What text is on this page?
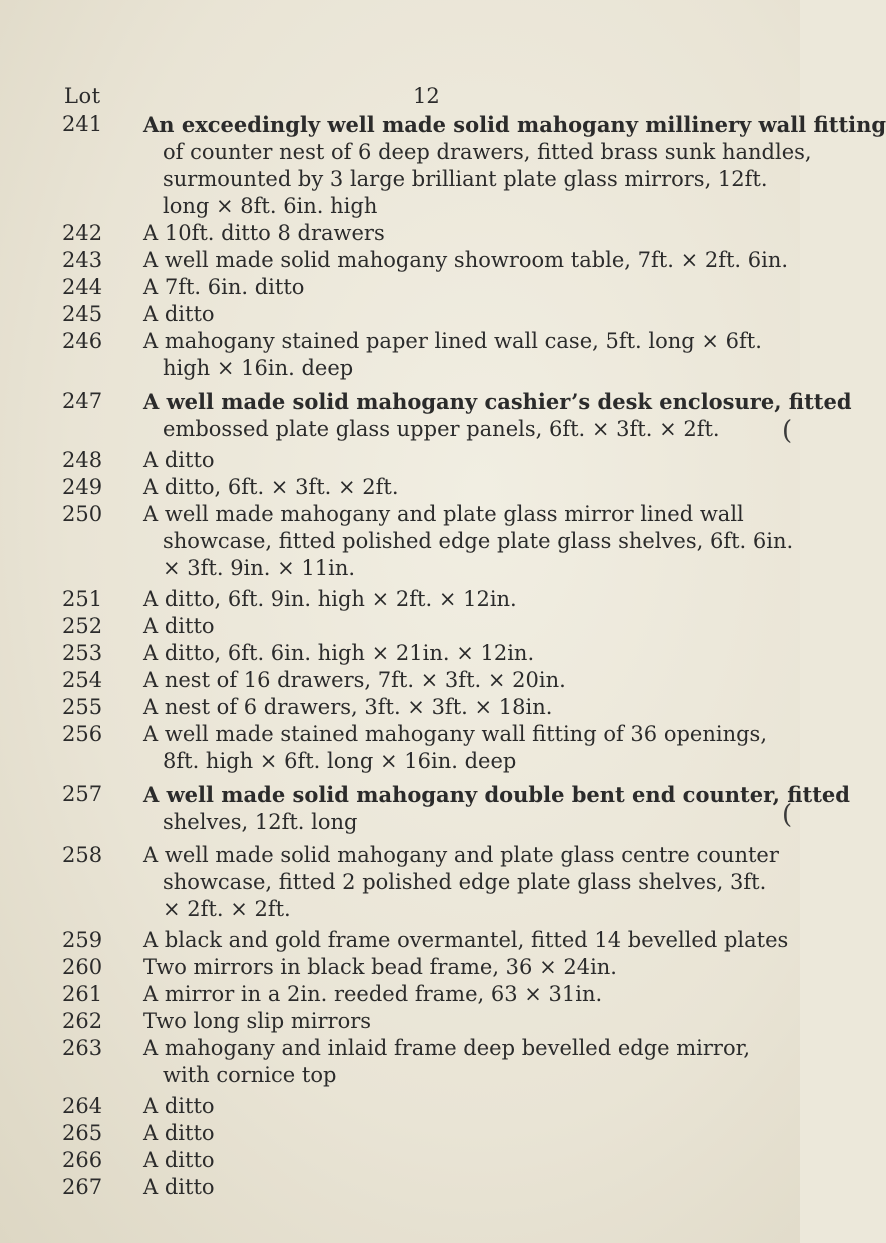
Lot	12
241	An exceedingly well made solid mahogany millinery wall fitting

of counter nest of 6 deep drawers, fitted brass sunk handles,
surmounted by 3 large brilliant plate glass mirrors, 12ft.
long × 8ft. 6in. high
242	A 10ft. ditto 8 drawers
243	A well made solid mahogany showroom table, 7ft. × 2ft. 6in.
244	A 7ft. 6in. ditto
245	A ditto
246	A mahogany stained paper lined wall case, 5ft. long × 6ft.

high × 16in. deep
247	A well made solid mahogany cashier’s desk enclosure, fitted

embossed plate glass upper panels, 6ft. × 3ft. × 2ft.
248	A ditto
249	A ditto, 6ft. × 3ft. × 2ft.
250	A well made mahogany and plate glass mirror lined wall

showcase, fitted polished edge plate glass shelves, 6ft. 6in.
× 3ft. 9in. × 11in.
251	A ditto, 6ft. 9in. high × 2ft. × 12in.
252	A ditto
253	A ditto, 6ft. 6in. high × 21in. × 12in.
254	A nest of 16 drawers, 7ft. × 3ft. × 20in.
255	A nest of 6 drawers, 3ft. × 3ft. × 18in.
256	A well made stained mahogany wall fitting of 36 openings,

8ft. high × 6ft. long × 16in. deep
257	A well made solid mahogany double bent end counter, fitted

shelves, 12ft. long
258	A well made solid mahogany and plate glass centre counter

showcase, fitted 2 polished edge plate glass shelves, 3ft.
× 2ft. × 2ft.
259	A black and gold frame overmantel, fitted 14 bevelled plates
260	Two mirrors in black bead frame, 36 × 24in.
261	A mirror in a 2in. reeded frame, 63 × 31in.
262	Two long slip mirrors
263	A mahogany and inlaid frame deep bevelled edge mirror,

with cornice top
264	A ditto
265	A ditto
266	A ditto
267	A ditto
(
(
